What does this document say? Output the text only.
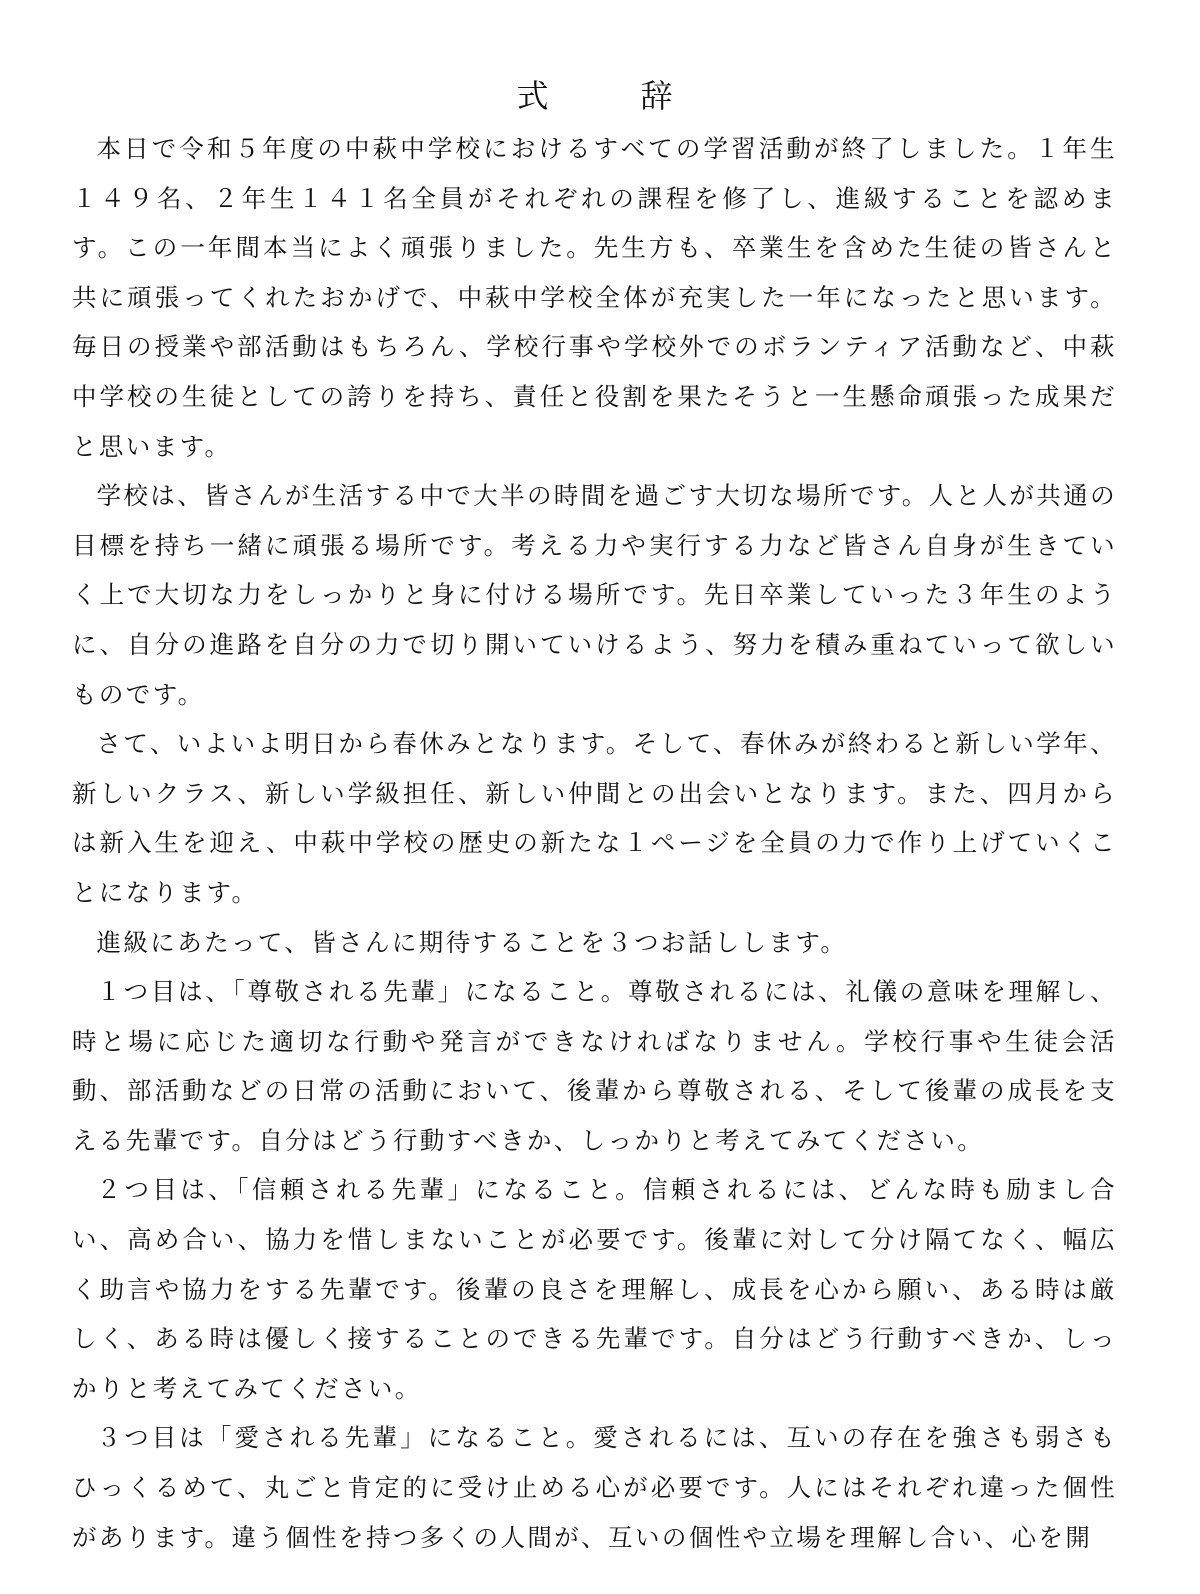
式　辞

本日で令和５年度の中萩中学校におけるすべての学習活動が終了しました。１年生１４９名、２年生１４１名全員がそれぞれの課程を修了し、進級することを認めます。この一年間本当によく頑張りました。先生方も、卒業生を含めた生徒の皆さんと共に頑張ってくれたおかげで、中萩中学校全体が充実した一年になったと思います。毎日の授業や部活動はもちろん、学校行事や学校外でのボランティア活動など、中萩中学校の生徒としての誇りを持ち、責任と役割を果たそうと一生懸命頑張った成果だと思います。

学校は、皆さんが生活する中で大半の時間を過ごす大切な場所です。人と人が共通の目標を持ち一緒に頑張る場所です。考える力や実行する力など皆さん自身が生きていく上で大切な力をしっかりと身に付ける場所です。先日卒業していった３年生のように、自分の進路を自分の力で切り開いていけるよう、努力を積み重ねていって欲しいものです。

さて、いよいよ明日から春休みとなります。そして、春休みが終わると新しい学年、新しいクラス、新しい学級担任、新しい仲間との出会いとなります。また、四月からは新入生を迎え、中萩中学校の歴史の新たな１ページを全員の力で作り上げていくことになります。

進級にあたって、皆さんに期待することを３つお話しします。

１つ目は、「尊敬される先輩」になること。尊敬されるには、礼儀の意味を理解し、時と場に応じた適切な行動や発言ができなければなりません。学校行事や生徒会活動、部活動などの日常の活動において、後輩から尊敬される、そして後輩の成長を支える先輩です。自分はどう行動すべきか、しっかりと考えてみてください。

２つ目は、「信頼される先輩」になること。信頼されるには、どんな時も励まし合い、高め合い、協力を惜しまないことが必要です。後輩に対して分け隔てなく、幅広く助言や協力をする先輩です。後輩の良さを理解し、成長を心から願い、ある時は厳しく、ある時は優しく接することのできる先輩です。自分はどう行動すべきか、しっかりと考えてみてください。

３つ目は「愛される先輩」になること。愛されるには、互いの存在を強さも弱さもひっくるめて、丸ごと肯定的に受け止める心が必要です。人にはそれぞれ違った個性があります。違う個性を持つ多くの人間が、互いの個性や立場を理解し合い、心を開
